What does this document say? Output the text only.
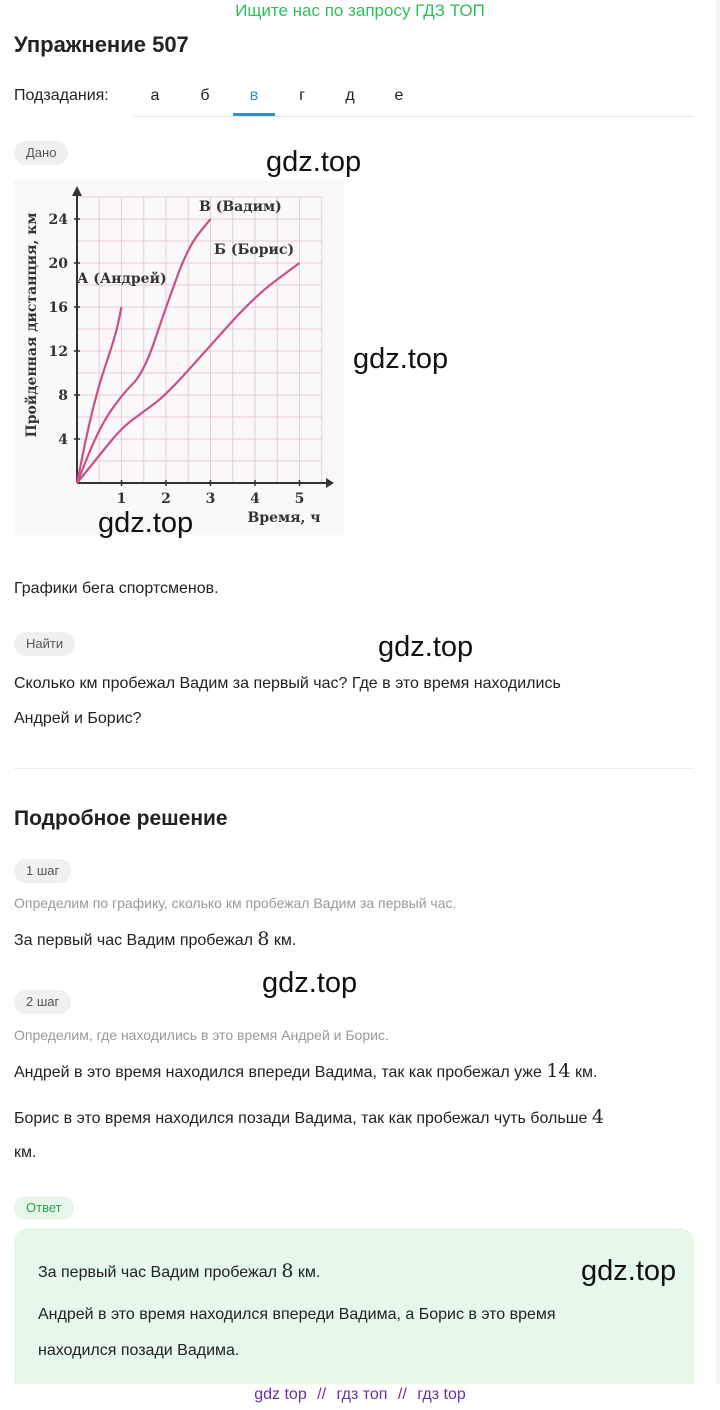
Ищите нас по запросу ГДЗ ТОП
Упражнение 507
Подзадания:	а	б	в	г	д	е
Дано	gdz.top
1 2 3 4 5
4
8
12
16
20
24
А (Андрей)
В (Вадим)
Б (Борис)
Пройденная дистанция, км
Время, ч
gdz.top
gdz.top
Графики бега спортсменов.
Найти	gdz.top
Сколько км пробежал Вадим за первый час? Где в это время находились
Андрей и Борис?
Подробное решение
1 шаг
Определим по графику, сколько км пробежал Вадим за первый час.
За первый час Вадим пробежал 8 км.
gdz.top
2 шаг
Определим, где находились в это время Андрей и Борис.
Андрей в это время находился впереди Вадима, так как пробежал уже 14 км.
Борис в это время находился позади Вадима, так как пробежал чуть больше 4
км.
Ответ
За первый час Вадим пробежал 8 км.	gdz.top
Андрей в это время находился впереди Вадима, а Борис в это время
находился позади Вадима.
gdz top // гдз топ // гдз top
